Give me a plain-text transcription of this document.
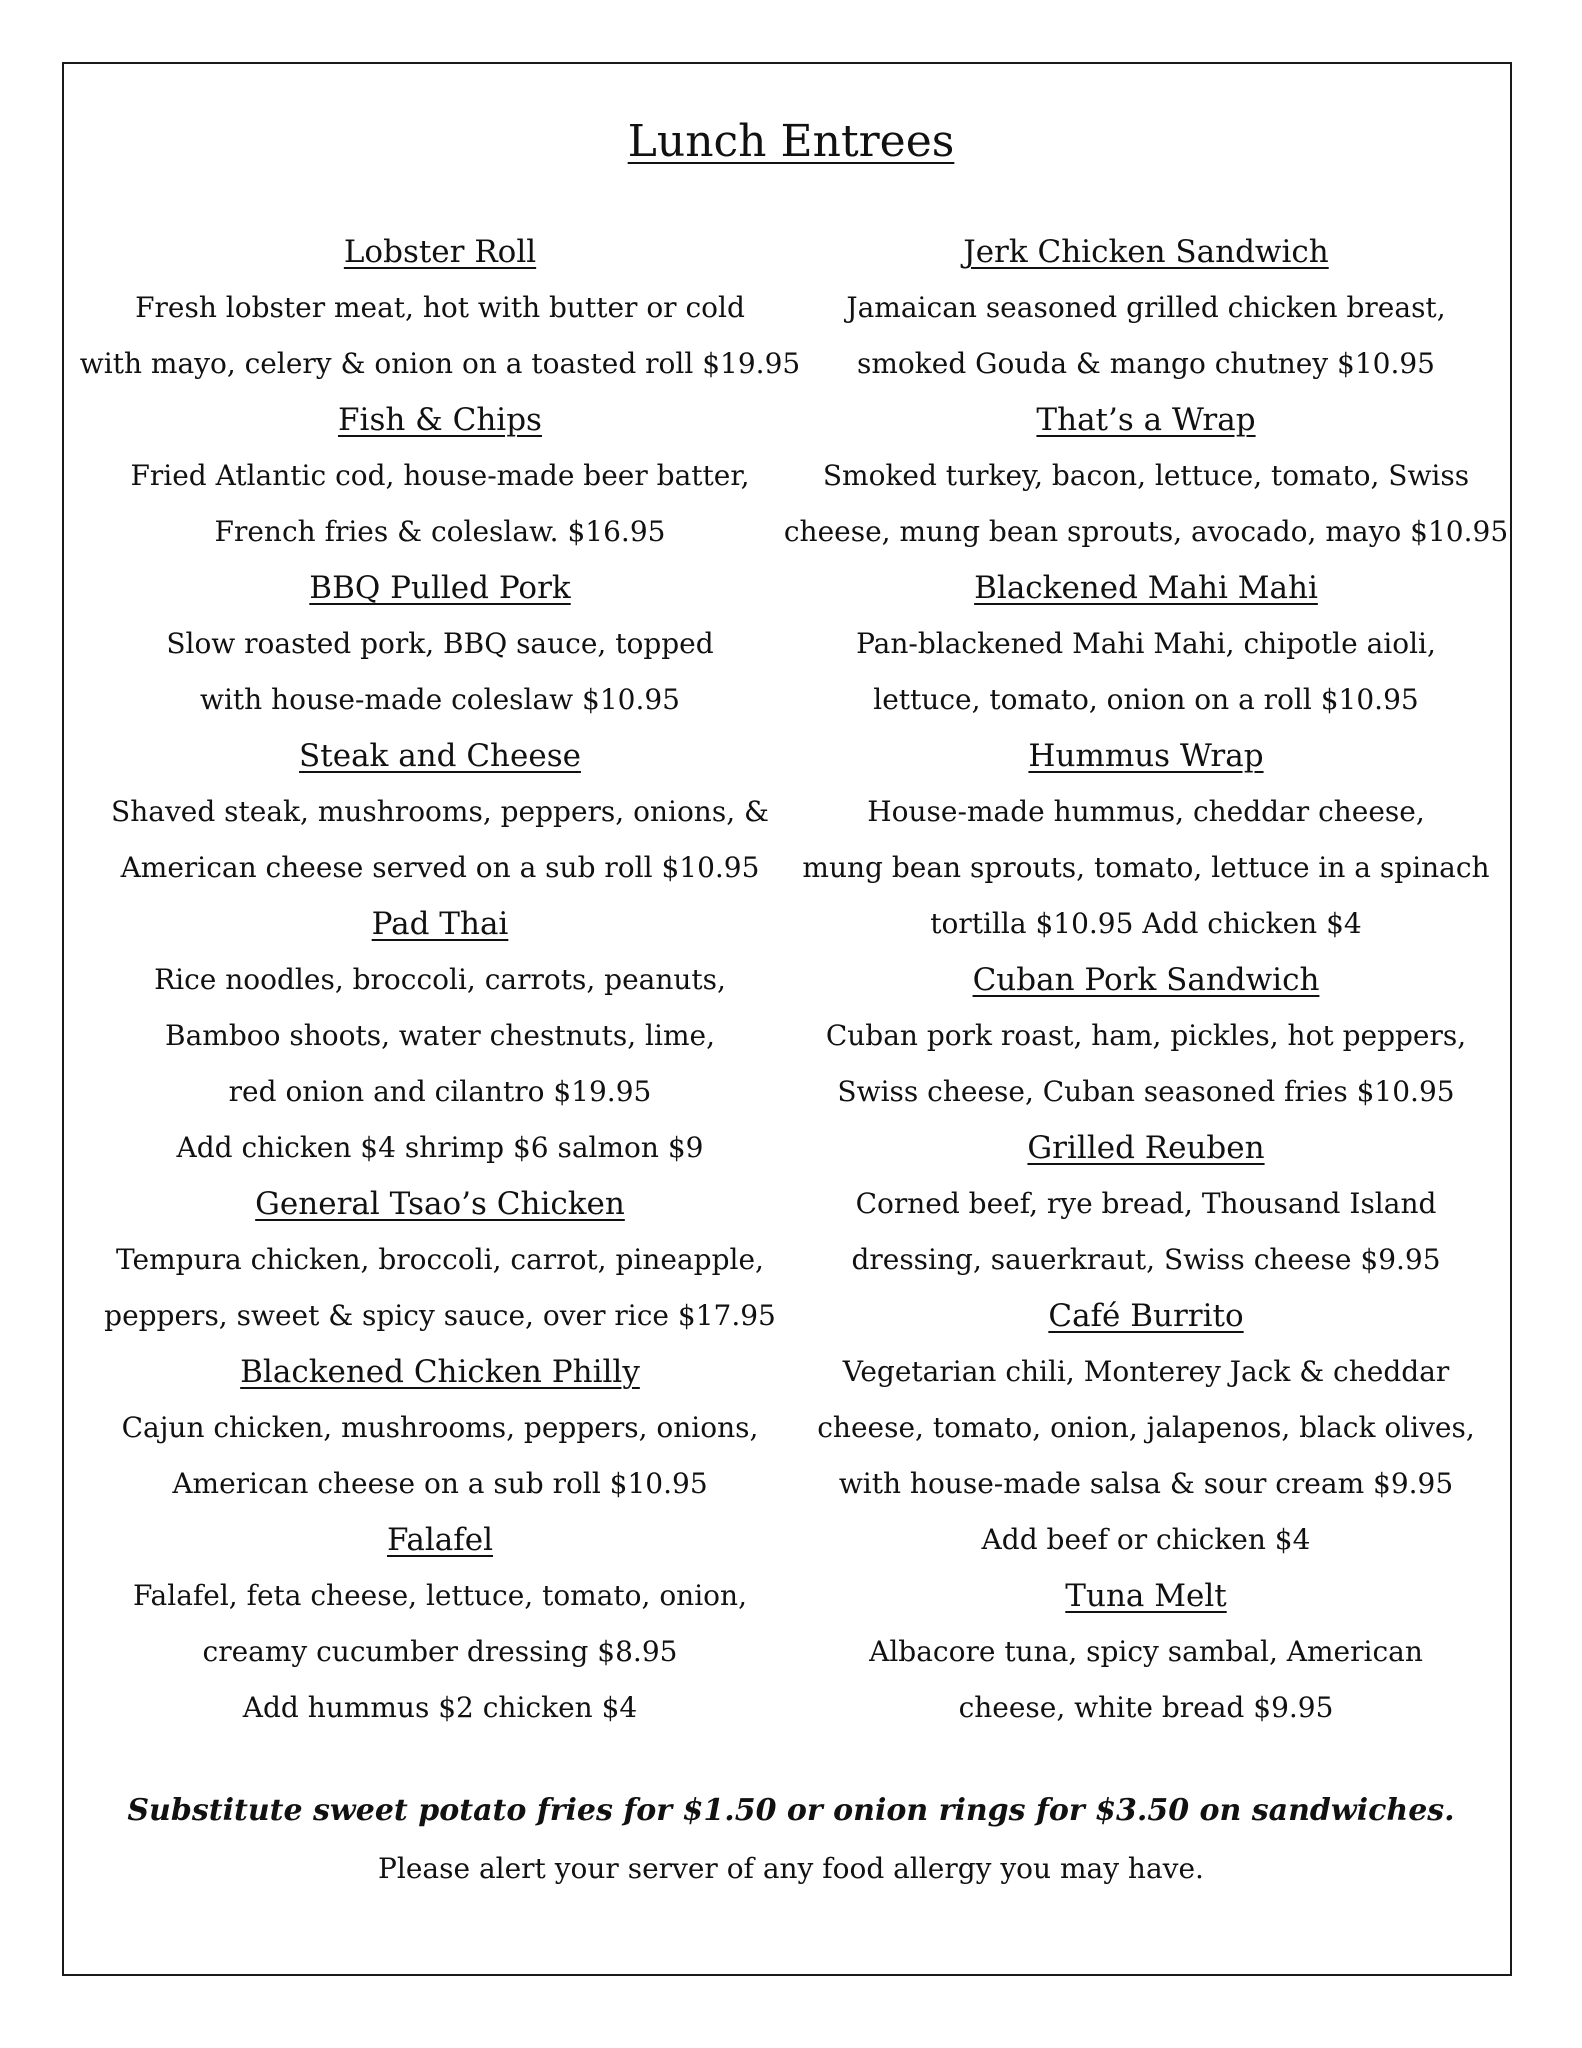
Lunch Entrees
Lobster Roll
Fresh lobster meat, hot with butter or cold
with mayo, celery & onion on a toasted roll $19.95
Fish & Chips
Fried Atlantic cod, house-made beer batter,
French fries & coleslaw. $16.95
BBQ Pulled Pork
Slow roasted pork, BBQ sauce, topped
with house-made coleslaw $10.95
Steak and Cheese
Shaved steak, mushrooms, peppers, onions, &
American cheese served on a sub roll $10.95
Pad Thai
Rice noodles, broccoli, carrots, peanuts,
Bamboo shoots, water chestnuts, lime,
red onion and cilantro $19.95
Add chicken $4 shrimp $6 salmon $9
General Tsao’s Chicken
Tempura chicken, broccoli, carrot, pineapple,
peppers, sweet & spicy sauce, over rice $17.95
Blackened Chicken Philly
Cajun chicken, mushrooms, peppers, onions,
American cheese on a sub roll $10.95
Falafel
Falafel, feta cheese, lettuce, tomato, onion,
creamy cucumber dressing $8.95
Add hummus $2 chicken $4
Jerk Chicken Sandwich
Jamaican seasoned grilled chicken breast,
smoked Gouda & mango chutney $10.95
That’s a Wrap
Smoked turkey, bacon, lettuce, tomato, Swiss
cheese, mung bean sprouts, avocado, mayo $10.95
Blackened Mahi Mahi
Pan-blackened Mahi Mahi, chipotle aioli,
lettuce, tomato, onion on a roll $10.95
Hummus Wrap
House-made hummus, cheddar cheese,
mung bean sprouts, tomato, lettuce in a spinach
tortilla $10.95 Add chicken $4
Cuban Pork Sandwich
Cuban pork roast, ham, pickles, hot peppers,
Swiss cheese, Cuban seasoned fries $10.95
Grilled Reuben
Corned beef, rye bread, Thousand Island
dressing, sauerkraut, Swiss cheese $9.95
Café Burrito
Vegetarian chili, Monterey Jack & cheddar
cheese, tomato, onion, jalapenos, black olives,
with house-made salsa & sour cream $9.95
Add beef or chicken $4
Tuna Melt
Albacore tuna, spicy sambal, American
cheese, white bread $9.95
Substitute sweet potato fries for $1.50 or onion rings for $3.50 on sandwiches.
Please alert your server of any food allergy you may have.
